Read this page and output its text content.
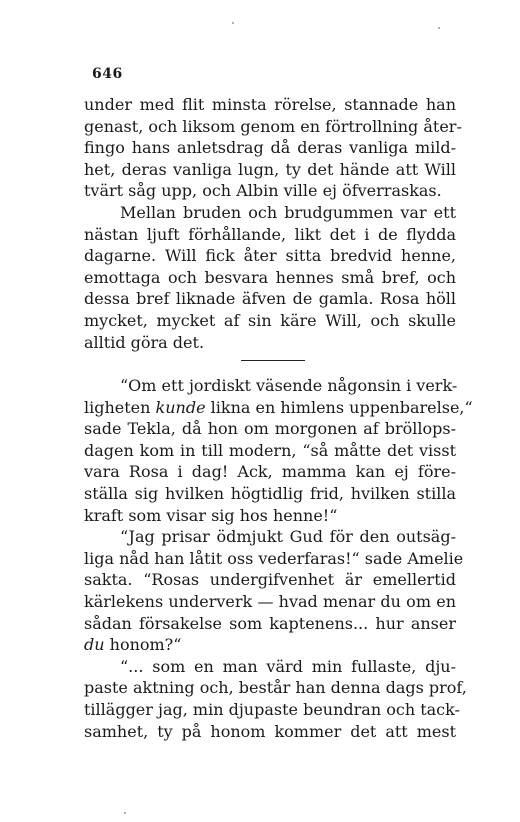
646
under med flit minsta rörelse, stannade han
genast, och liksom genom en förtrollning åter-
fingo hans anletsdrag då deras vanliga mild-
het, deras vanliga lugn, ty det hände att Will
tvärt såg upp, och Albin ville ej öfverraskas.
Mellan bruden och brudgummen var ett
nästan ljuft förhållande, likt det i de flydda
dagarne. Will fick åter sitta bredvid henne,
emottaga och besvara hennes små bref, och
dessa bref liknade äfven de gamla. Rosa höll
mycket, mycket af sin käre Will, och skulle
alltid göra det.
“Om ett jordiskt väsende någonsin i verk-
ligheten kunde likna en himlens uppenbarelse,“
sade Tekla, då hon om morgonen af bröllops-
dagen kom in till modern, “så måtte det visst
vara Rosa i dag! Ack, mamma kan ej före-
ställa sig hvilken högtidlig frid, hvilken stilla
kraft som visar sig hos henne!“
“Jag prisar ödmjukt Gud för den outsäg-
liga nåd han låtit oss vederfaras!“ sade Amelie
sakta. “Rosas undergifvenhet är emellertid
kärlekens underverk — hvad menar du om en
sådan försakelse som kaptenens... hur anser
du honom?“
“... som en man värd min fullaste, dju-
paste aktning och, består han denna dags prof,
tillägger jag, min djupaste beundran och tack-
samhet, ty på honom kommer det att mest
